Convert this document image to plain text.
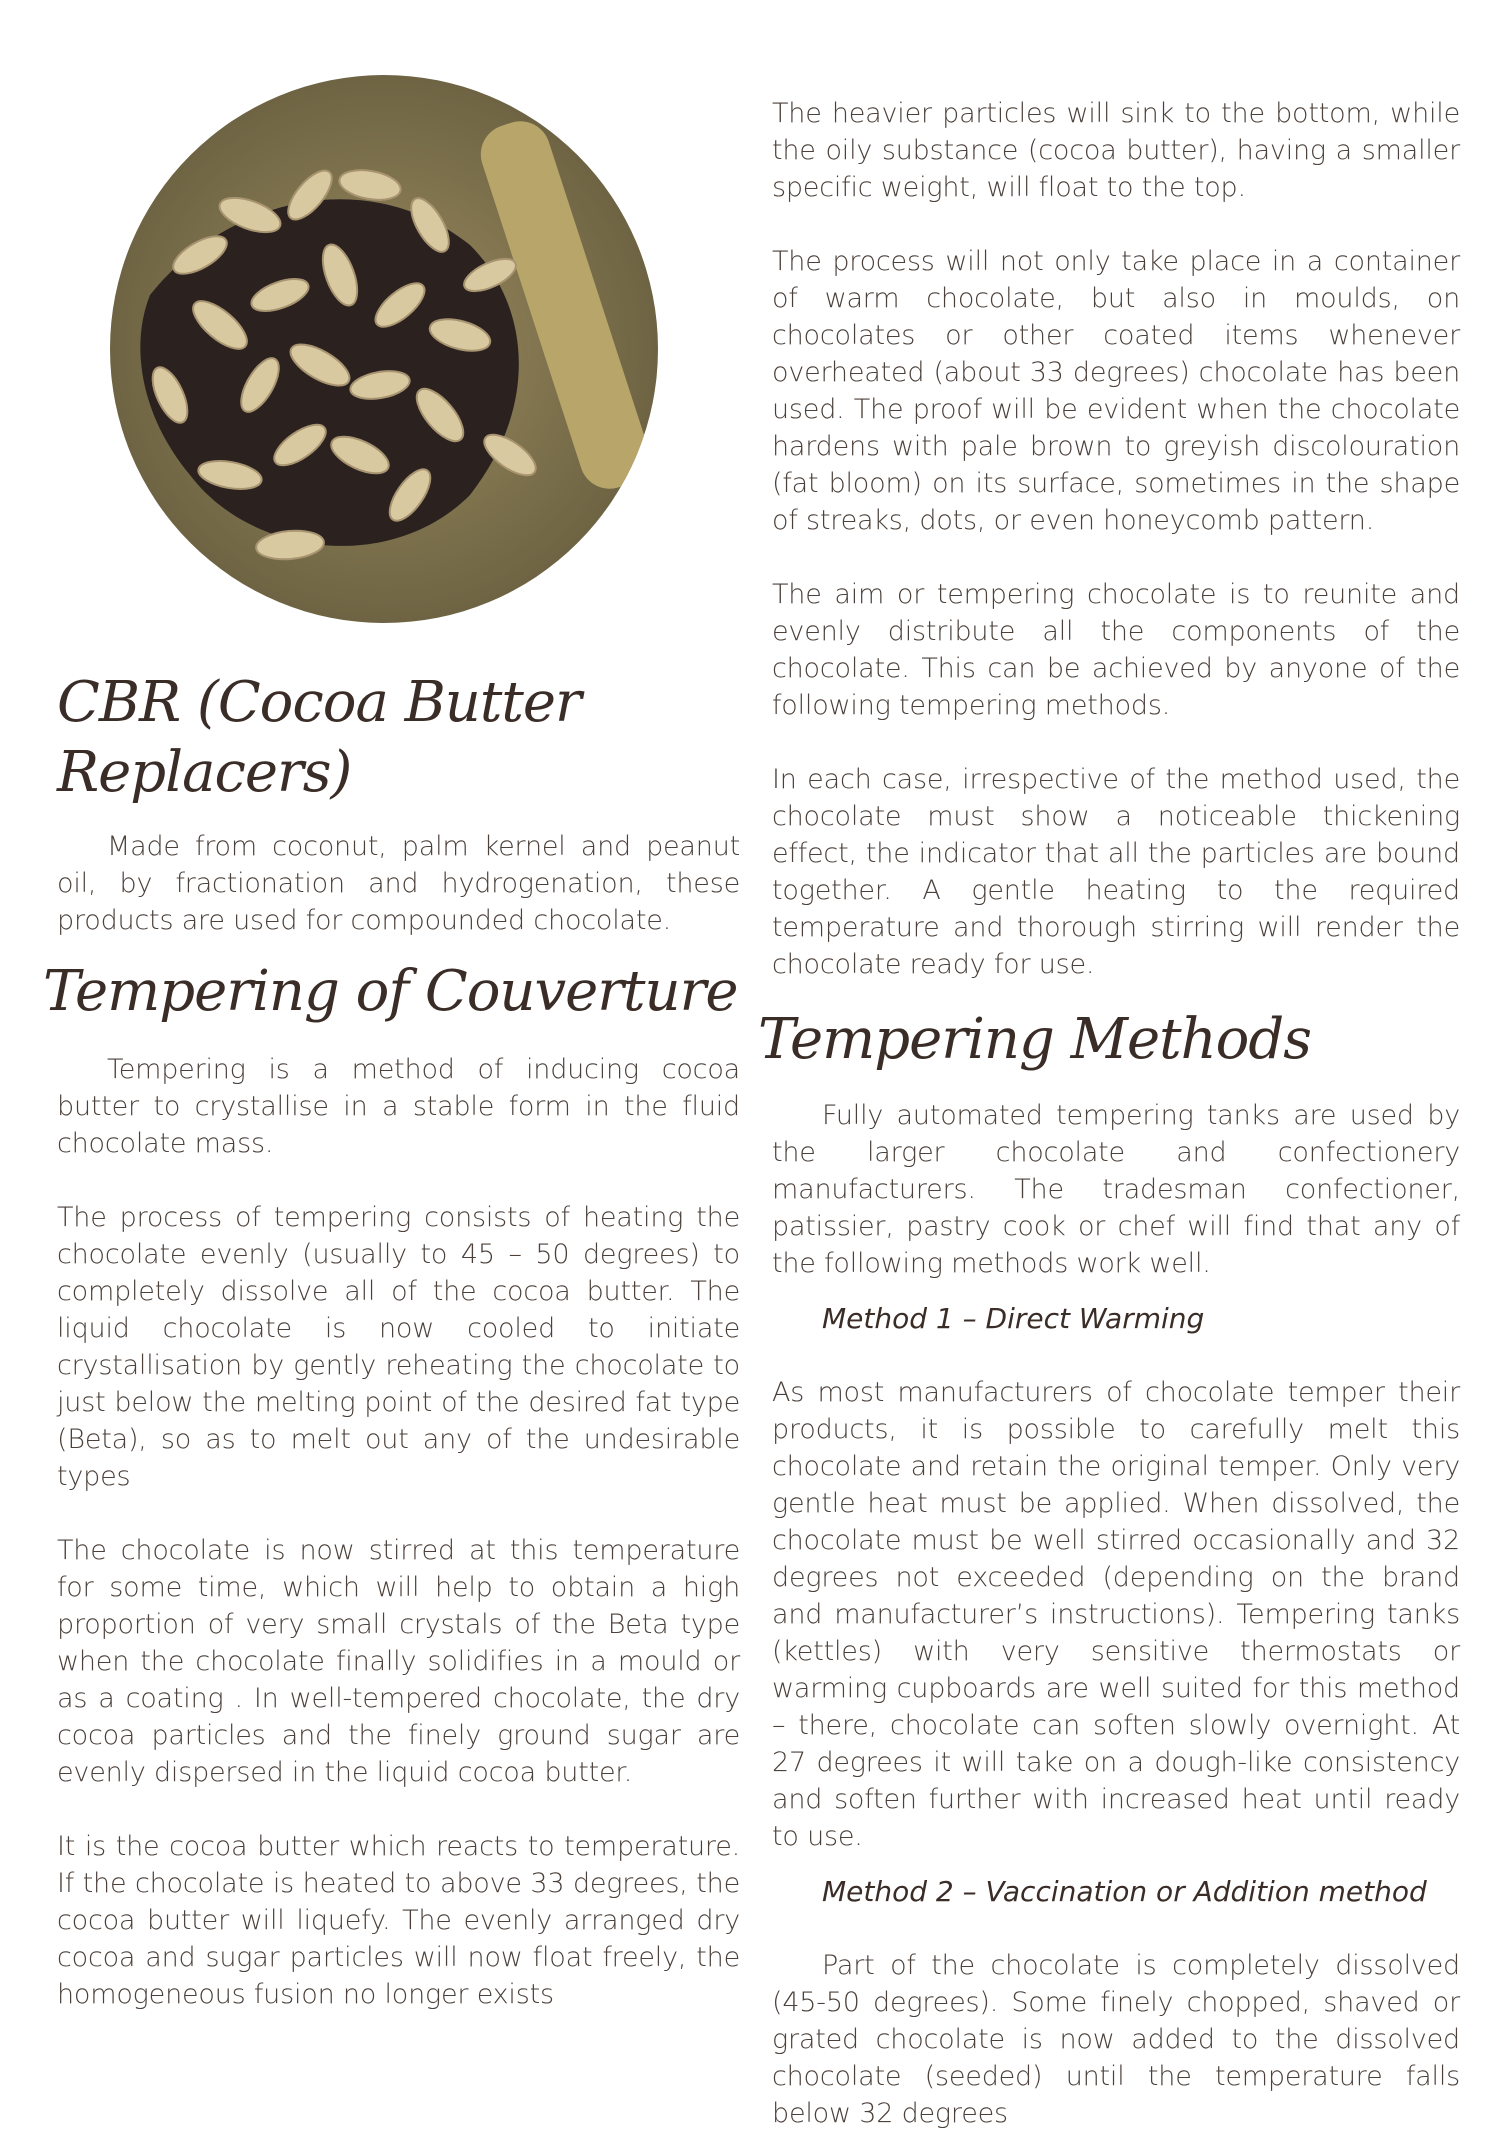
CBR (Cocoa Butter Replacers)

Made from coconut, palm kernel and peanut oil, by fractionation and hydrogenation, these products are used for compounded chocolate.

Tempering of Couverture

Tempering is a method of inducing cocoa butter to crystallise in a stable form in the fluid chocolate mass.

The process of tempering consists of heating the chocolate evenly (usually to 45 – 50 degrees) to completely dissolve all of the cocoa butter. The liquid chocolate is now cooled to initiate crystallisation by gently reheating the chocolate to just below the melting point of the desired fat type (Beta), so as to melt out any of the undesirable types

The chocolate is now stirred at this temperature for some time, which will help to obtain a high proportion of very small crystals of the Beta type when the chocolate finally solidifies in a mould or as a coating . In well-tempered chocolate, the dry cocoa particles and the finely ground sugar are evenly dispersed in the liquid cocoa butter.

It is the cocoa butter which reacts to temperature. If the chocolate is heated to above 33 degrees, the cocoa butter will liquefy. The evenly arranged dry cocoa and sugar particles will now float freely, the homogeneous fusion no longer exists

The heavier particles will sink to the bottom, while the oily substance (cocoa butter), having a smaller specific weight, will float to the top.

The process will not only take place in a container of warm chocolate, but also in moulds, on chocolates or other coated items whenever overheated (about 33 degrees) chocolate has been used. The proof will be evident when the chocolate hardens with pale brown to greyish discolouration (fat bloom) on its surface, sometimes in the shape of streaks, dots, or even honeycomb pattern.

The aim or tempering chocolate is to reunite and evenly distribute all the components of the chocolate. This can be achieved by anyone of the following tempering methods.

In each case, irrespective of the method used, the chocolate must show a noticeable thickening effect, the indicator that all the particles are bound together. A gentle heating to the required temperature and thorough stirring will render the chocolate ready for use.

Tempering Methods

Fully automated tempering tanks are used by the larger chocolate and confectionery manufacturers. The tradesman confectioner, patissier, pastry cook or chef will find that any of the following methods work well.

Method 1 – Direct Warming

As most manufacturers of chocolate temper their products, it is possible to carefully melt this chocolate and retain the original temper. Only very gentle heat must be applied. When dissolved, the chocolate must be well stirred occasionally and 32 degrees not exceeded (depending on the brand and manufacturer’s instructions). Tempering tanks (kettles) with very sensitive thermostats or warming cupboards are well suited for this method – there, chocolate can soften slowly overnight. At 27 degrees it will take on a dough-like consistency and soften further with increased heat until ready to use.

Method 2 – Vaccination or Addition method

Part of the chocolate is completely dissolved (45-50 degrees). Some finely chopped, shaved or grated chocolate is now added to the dissolved chocolate (seeded) until the temperature falls below 32 degrees
